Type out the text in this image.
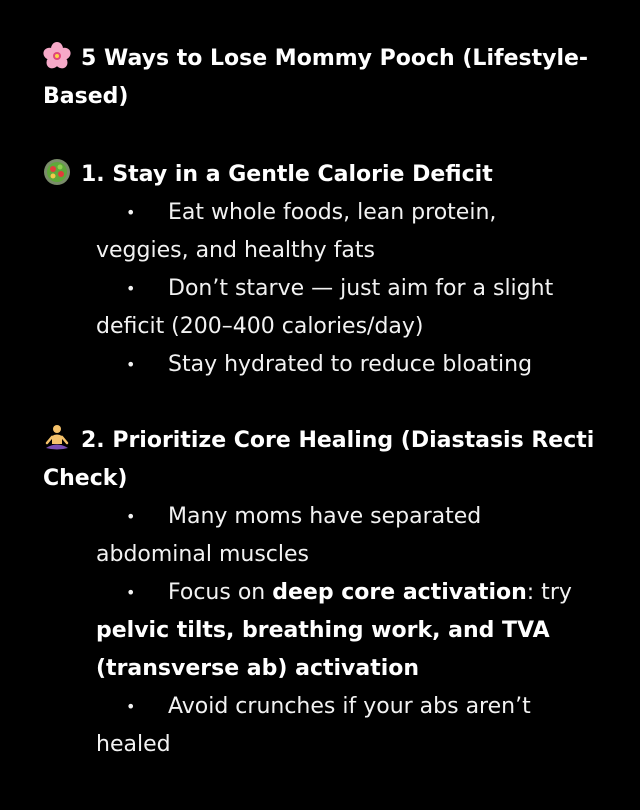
5 Ways to Lose Mommy Pooch (Lifestyle-
Based)
1. Stay in a Gentle Calorie Deficit
•	Eat whole foods, lean protein,
veggies, and healthy fats
•	Don’t starve — just aim for a slight
deficit (200–400 calories/day)
•	Stay hydrated to reduce bloating
2. Prioritize Core Healing (Diastasis Recti
Check)
•	Many moms have separated
abdominal muscles
•	Focus on deep core activation: try
pelvic tilts, breathing work, and TVA
(transverse ab) activation
•	Avoid crunches if your abs aren’t
healed
